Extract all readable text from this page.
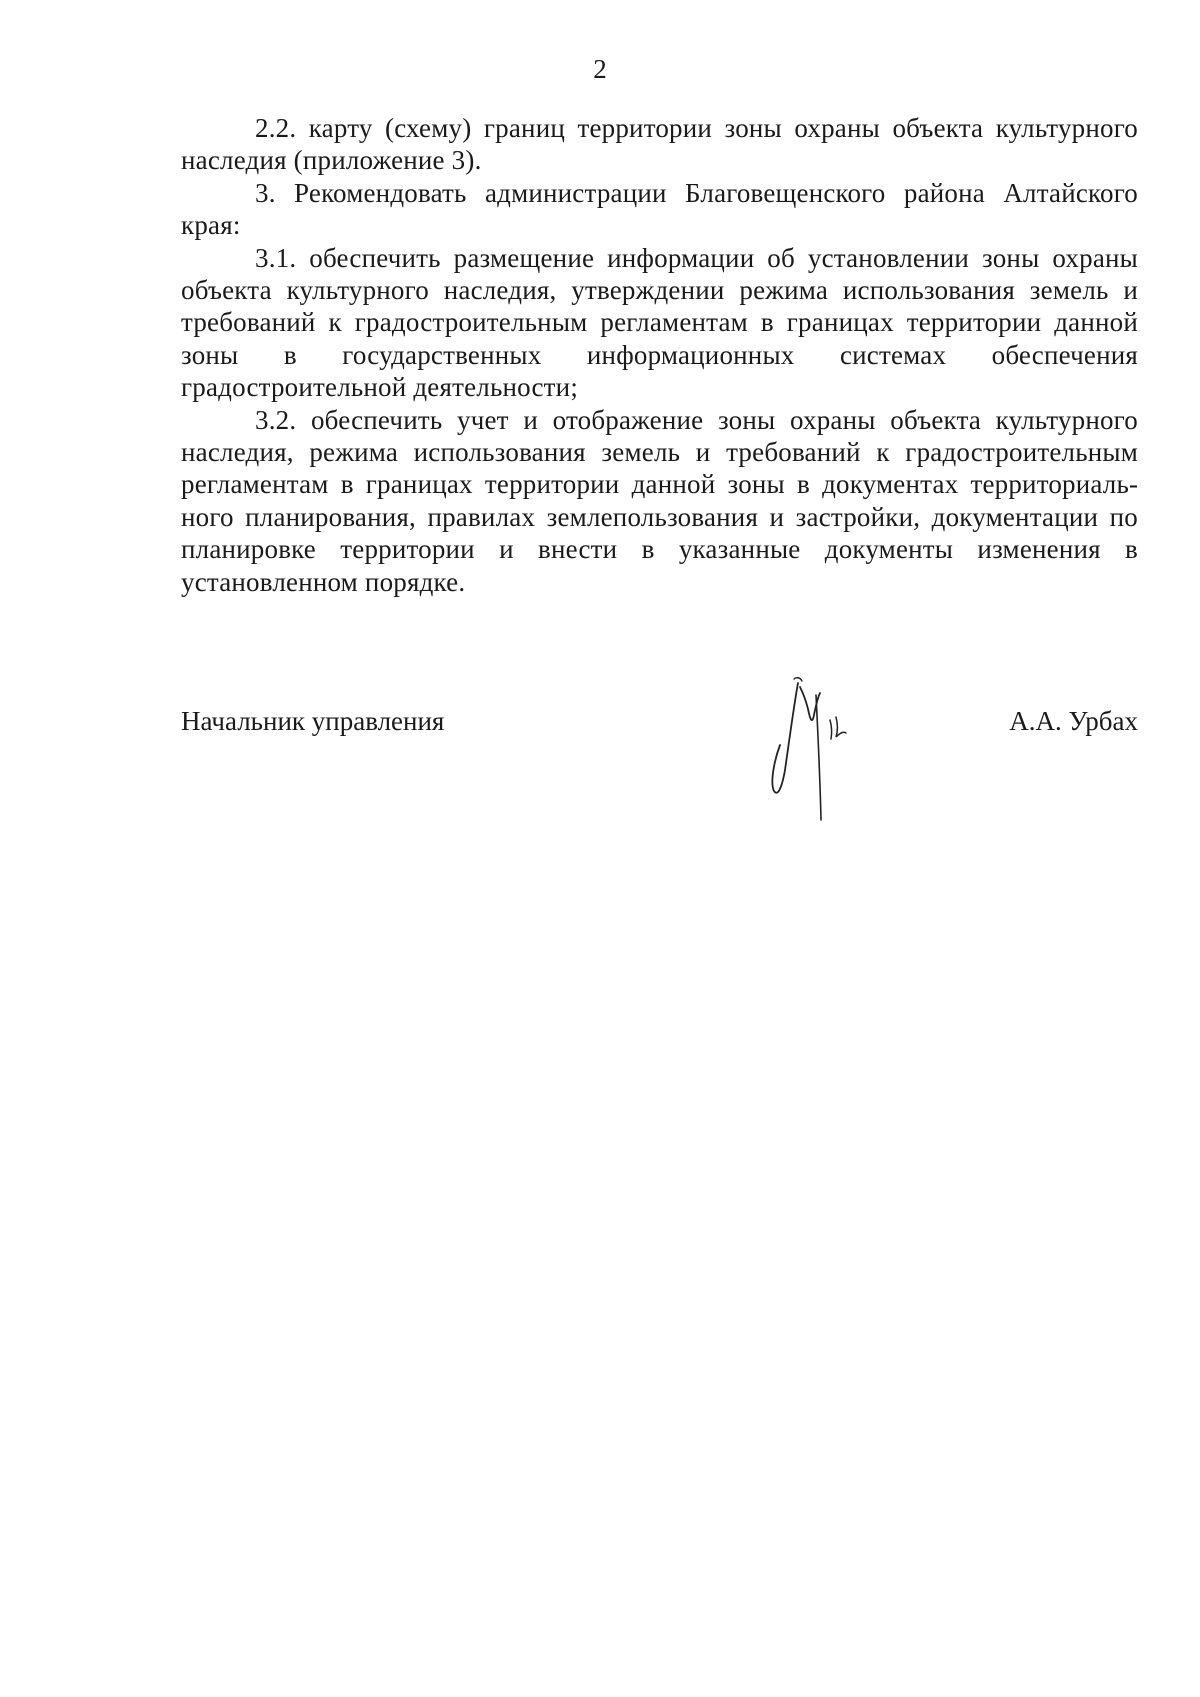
2

2.2. карту (схему) границ территории зоны охраны объекта культурного наследия (приложение 3).

3. Рекомендовать администрации Благовещенского района Алтайского края:

3.1. обеспечить размещение информации об установлении зоны охраны объекта культурного наследия, утверждении режима использования земель и требований к градостроительным регламентам в границах территории данной зоны в государственных информационных системах обеспечения градостроительной деятельности;

3.2. обеспечить учет и отображение зоны охраны объекта культурного наследия, режима использования земель и требований к градостроительным регламентам в границах территории данной зоны в документах территориального планирования, правилах землепользования и застройки, документации по планировке территории и внести в указанные документы изменения в установленном порядке.

Начальник управления	А.А. Урбах
